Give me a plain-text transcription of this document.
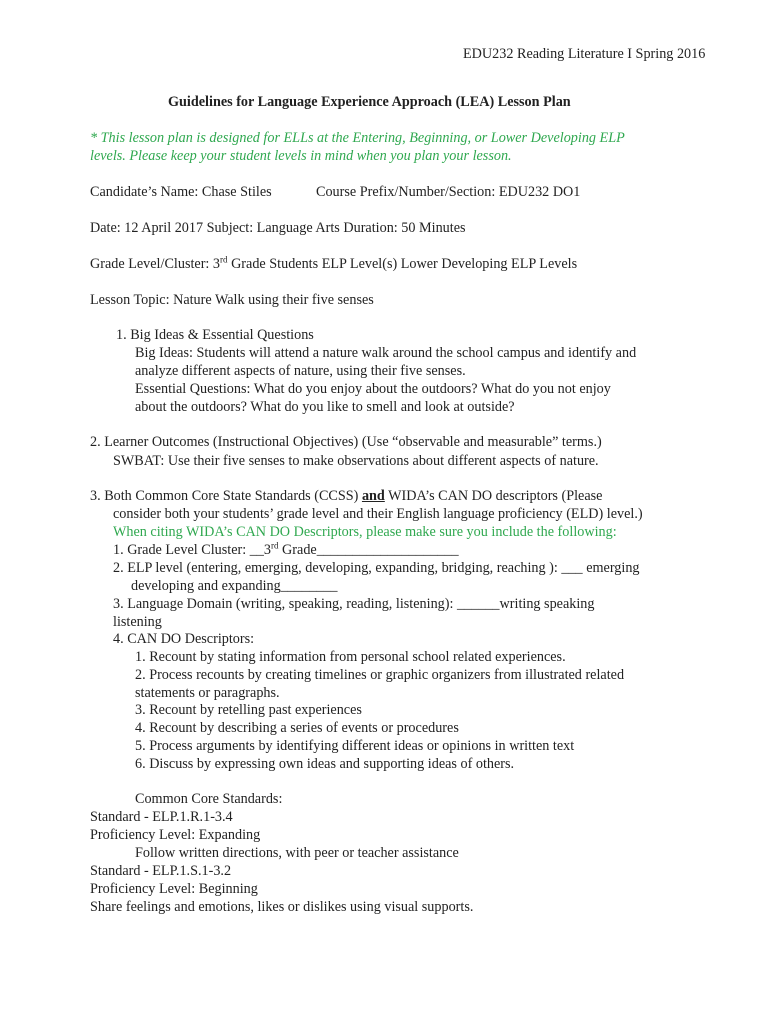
EDU232 Reading Literature I Spring 2016
Guidelines for Language Experience Approach (LEA) Lesson Plan
* This lesson plan is designed for ELLs at the Entering, Beginning, or Lower Developing ELP
levels. Please keep your student levels in mind when you plan your lesson.
Candidate’s Name: Chase Stiles	Course Prefix/Number/Section: EDU232 DO1
Date: 12 April 2017 Subject: Language Arts Duration: 50 Minutes
Grade Level/Cluster: 3rd Grade Students ELP Level(s) Lower Developing ELP Levels
Lesson Topic: Nature Walk using their five senses
1. Big Ideas & Essential Questions
Big Ideas: Students will attend a nature walk around the school campus and identify and
analyze different aspects of nature, using their five senses.
Essential Questions: What do you enjoy about the outdoors? What do you not enjoy
about the outdoors? What do you like to smell and look at outside?
2. Learner Outcomes (Instructional Objectives) (Use “observable and measurable” terms.)
SWBAT: Use their five senses to make observations about different aspects of nature.
3. Both Common Core State Standards (CCSS) and WIDA’s CAN DO descriptors (Please
consider both your students’ grade level and their English language proficiency (ELD) level.)
When citing WIDA’s CAN DO Descriptors, please make sure you include the following:
1. Grade Level Cluster: __3rd Grade____________________
2. ELP level (entering, emerging, developing, expanding, bridging, reaching ): ___ emerging
developing and expanding________
3. Language Domain (writing, speaking, reading, listening): ______writing speaking
listening
4. CAN DO Descriptors:
1. Recount by stating information from personal school related experiences.
2. Process recounts by creating timelines or graphic organizers from illustrated related
statements or paragraphs.
3. Recount by retelling past experiences
4. Recount by describing a series of events or procedures
5. Process arguments by identifying different ideas or opinions in written text
6. Discuss by expressing own ideas and supporting ideas of others.
Common Core Standards:
Standard - ELP.1.R.1-3.4
Proficiency Level: Expanding
Follow written directions, with peer or teacher assistance
Standard - ELP.1.S.1-3.2
Proficiency Level: Beginning
Share feelings and emotions, likes or dislikes using visual supports.
